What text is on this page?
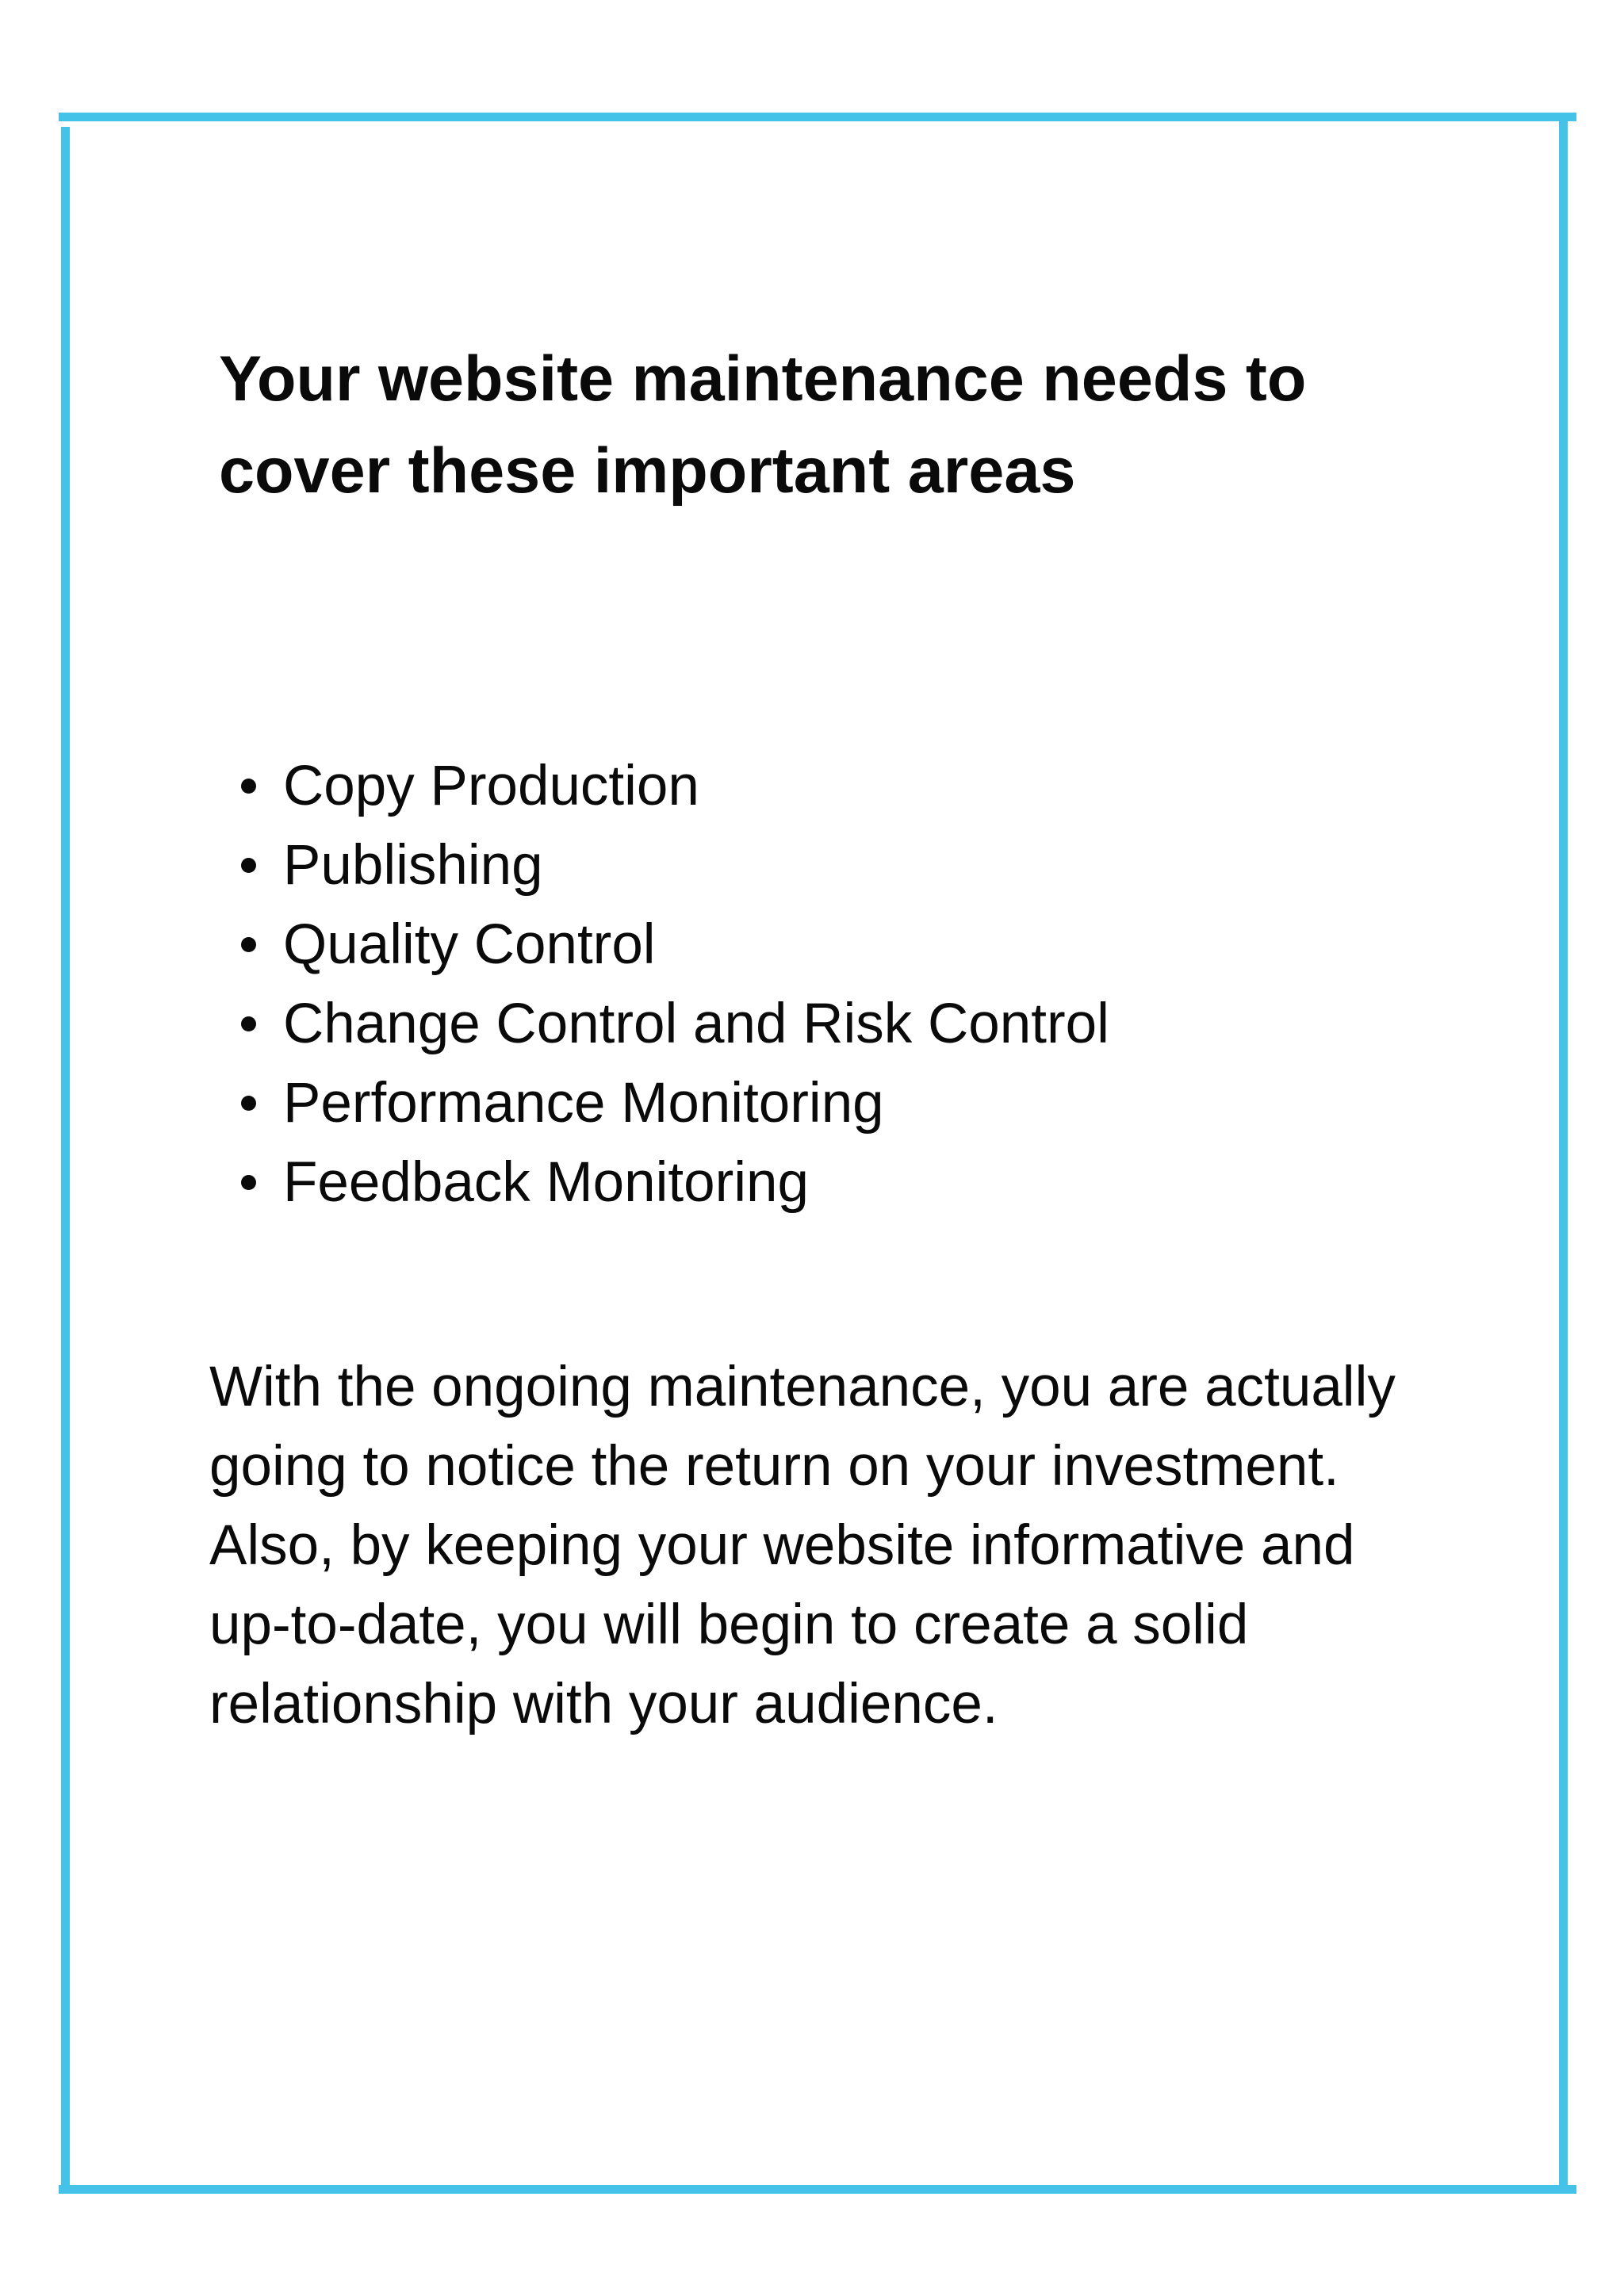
Your website maintenance needs to
cover these important areas
Copy Production
Publishing
Quality Control
Change Control and Risk Control
Performance Monitoring
Feedback Monitoring

With the ongoing maintenance, you are actually
going to notice the return on your investment.
Also, by keeping your website informative and
up-to-date, you will begin to create a solid
relationship with your audience.
